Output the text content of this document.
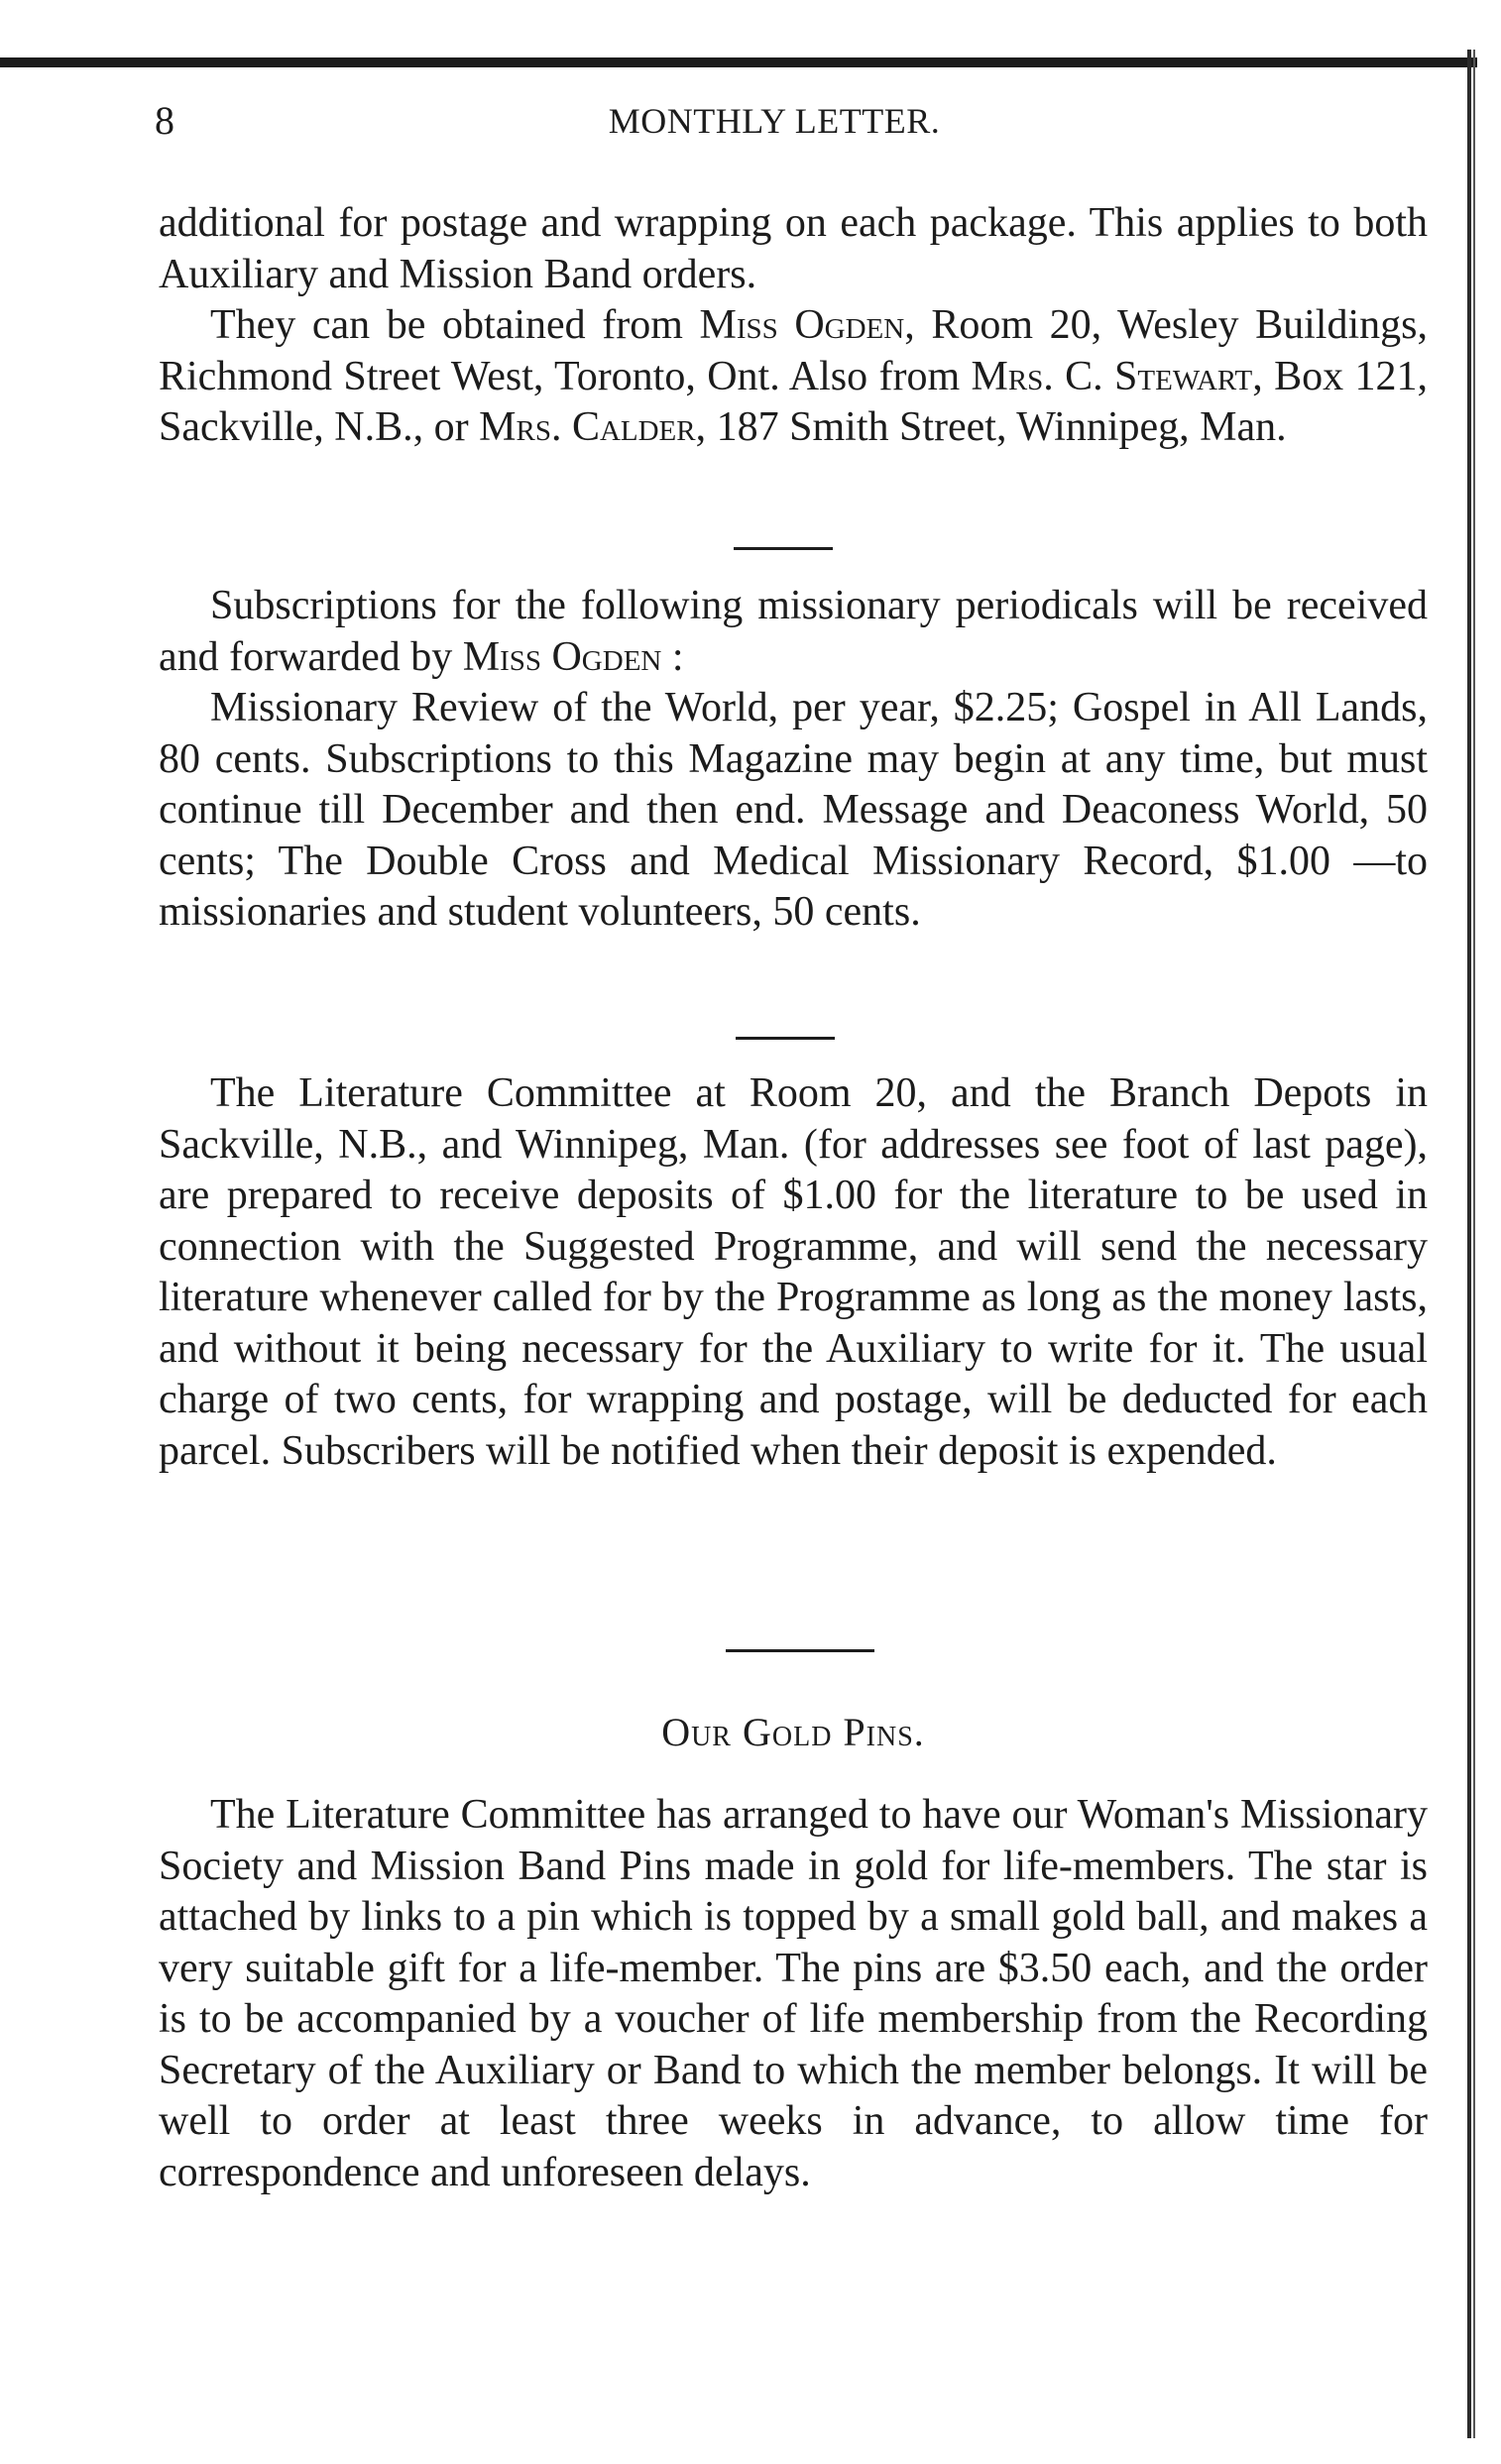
8	MONTHLY LETTER.

additional for postage and wrapping on each package. This applies to both Auxiliary and Mission Band orders.

They can be obtained from Miss Ogden, Room 20, Wesley Buildings, Richmond Street West, Toronto, Ont. Also from Mrs. C. Stewart, Box 121, Sackville, N.B., or Mrs. Calder, 187 Smith Street, Winnipeg, Man.

Subscriptions for the following missionary periodicals will be received and forwarded by Miss Ogden :

Missionary Review of the World, per year, $2.25; Gospel in All Lands, 80 cents. Subscriptions to this Magazine may begin at any time, but must continue till December and then end. Message and Deaconess World, 50 cents; The Double Cross and Medical Missionary Record, $1.00 —to missionaries and student volunteers, 50 cents.

The Literature Committee at Room 20, and the Branch Depots in Sackville, N.B., and Winnipeg, Man. (for addresses see foot of last page), are prepared to receive deposits of $1.00 for the literature to be used in connection with the Suggested Programme, and will send the necessary literature whenever called for by the Programme as long as the money lasts, and without it being necessary for the Auxiliary to write for it. The usual charge of two cents, for wrapping and postage, will be deducted for each parcel. Subscribers will be notified when their deposit is expended.

Our Gold Pins.

The Literature Committee has arranged to have our Woman's Missionary Society and Mission Band Pins made in gold for life-members. The star is attached by links to a pin which is topped by a small gold ball, and makes a very suitable gift for a life-member. The pins are $3.50 each, and the order is to be accompanied by a voucher of life membership from the Recording Secretary of the Auxiliary or Band to which the member belongs. It will be well to order at least three weeks in advance, to allow time for correspondence and unforeseen delays.
